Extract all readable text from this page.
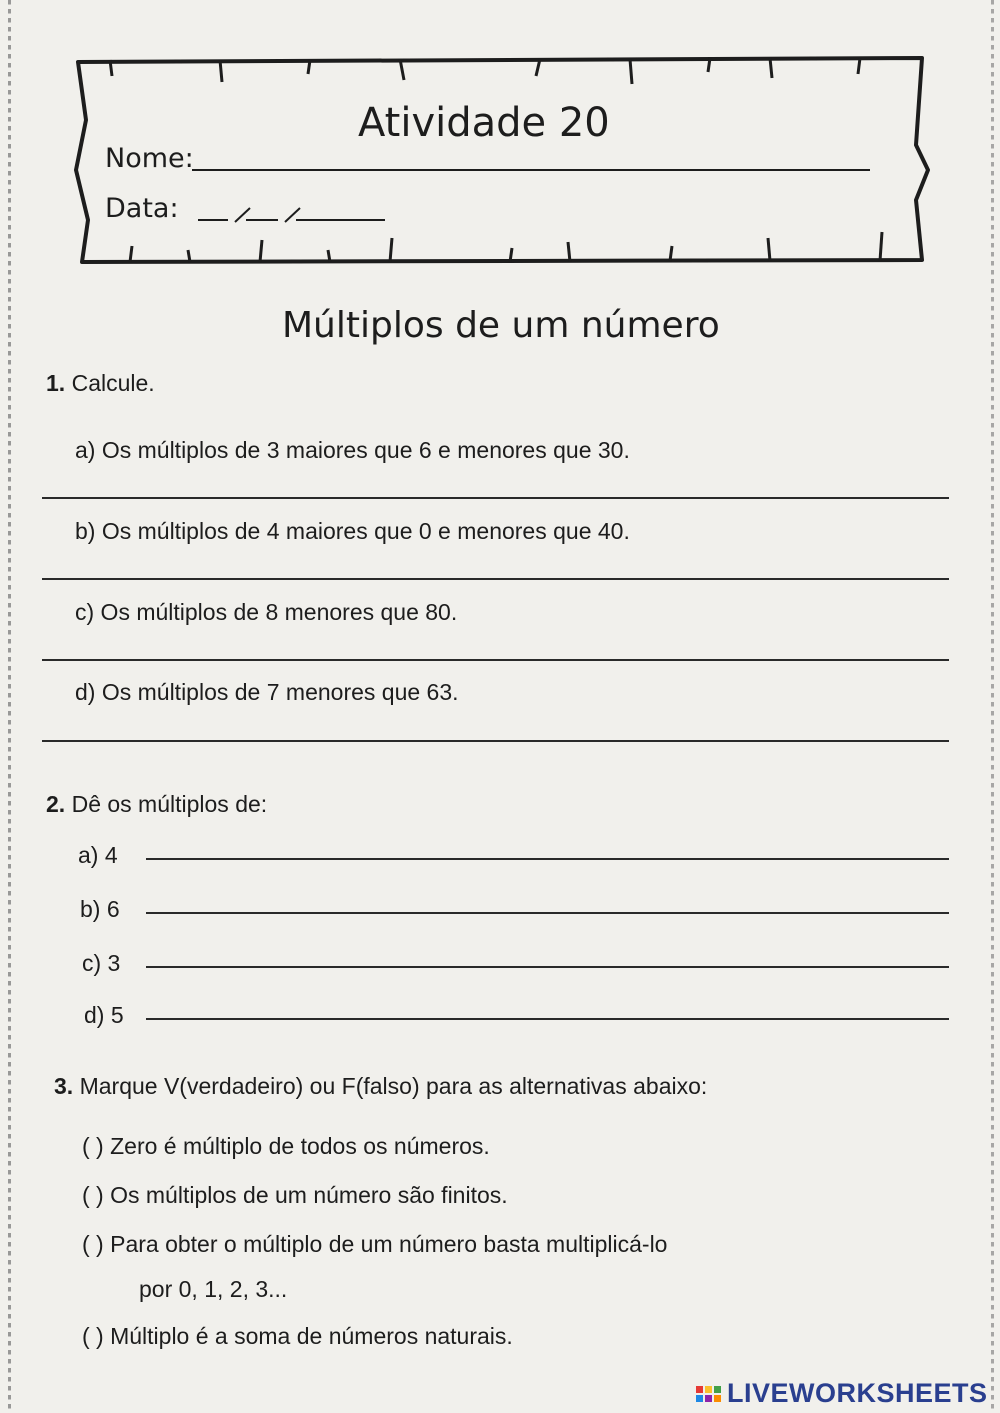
Atividade 20
Nome:
Data:
Múltiplos de um número
1. Calcule.
a) Os múltiplos de 3 maiores que 6 e menores que 30.
b) Os múltiplos de 4 maiores que 0 e menores que 40.
c) Os múltiplos de 8 menores que 80.
d) Os múltiplos de 7 menores que 63.
2. Dê os múltiplos de:
a) 4
b) 6
c) 3
d) 5
3. Marque V(verdadeiro) ou F(falso) para as alternativas abaixo:
( ) Zero é múltiplo de todos os números.
( ) Os múltiplos de um número são finitos.
( ) Para obter o múltiplo de um número basta multiplicá-lo
por 0, 1, 2, 3...
( ) Múltiplo é a soma de números naturais.
LIVEWORKSHEETS
